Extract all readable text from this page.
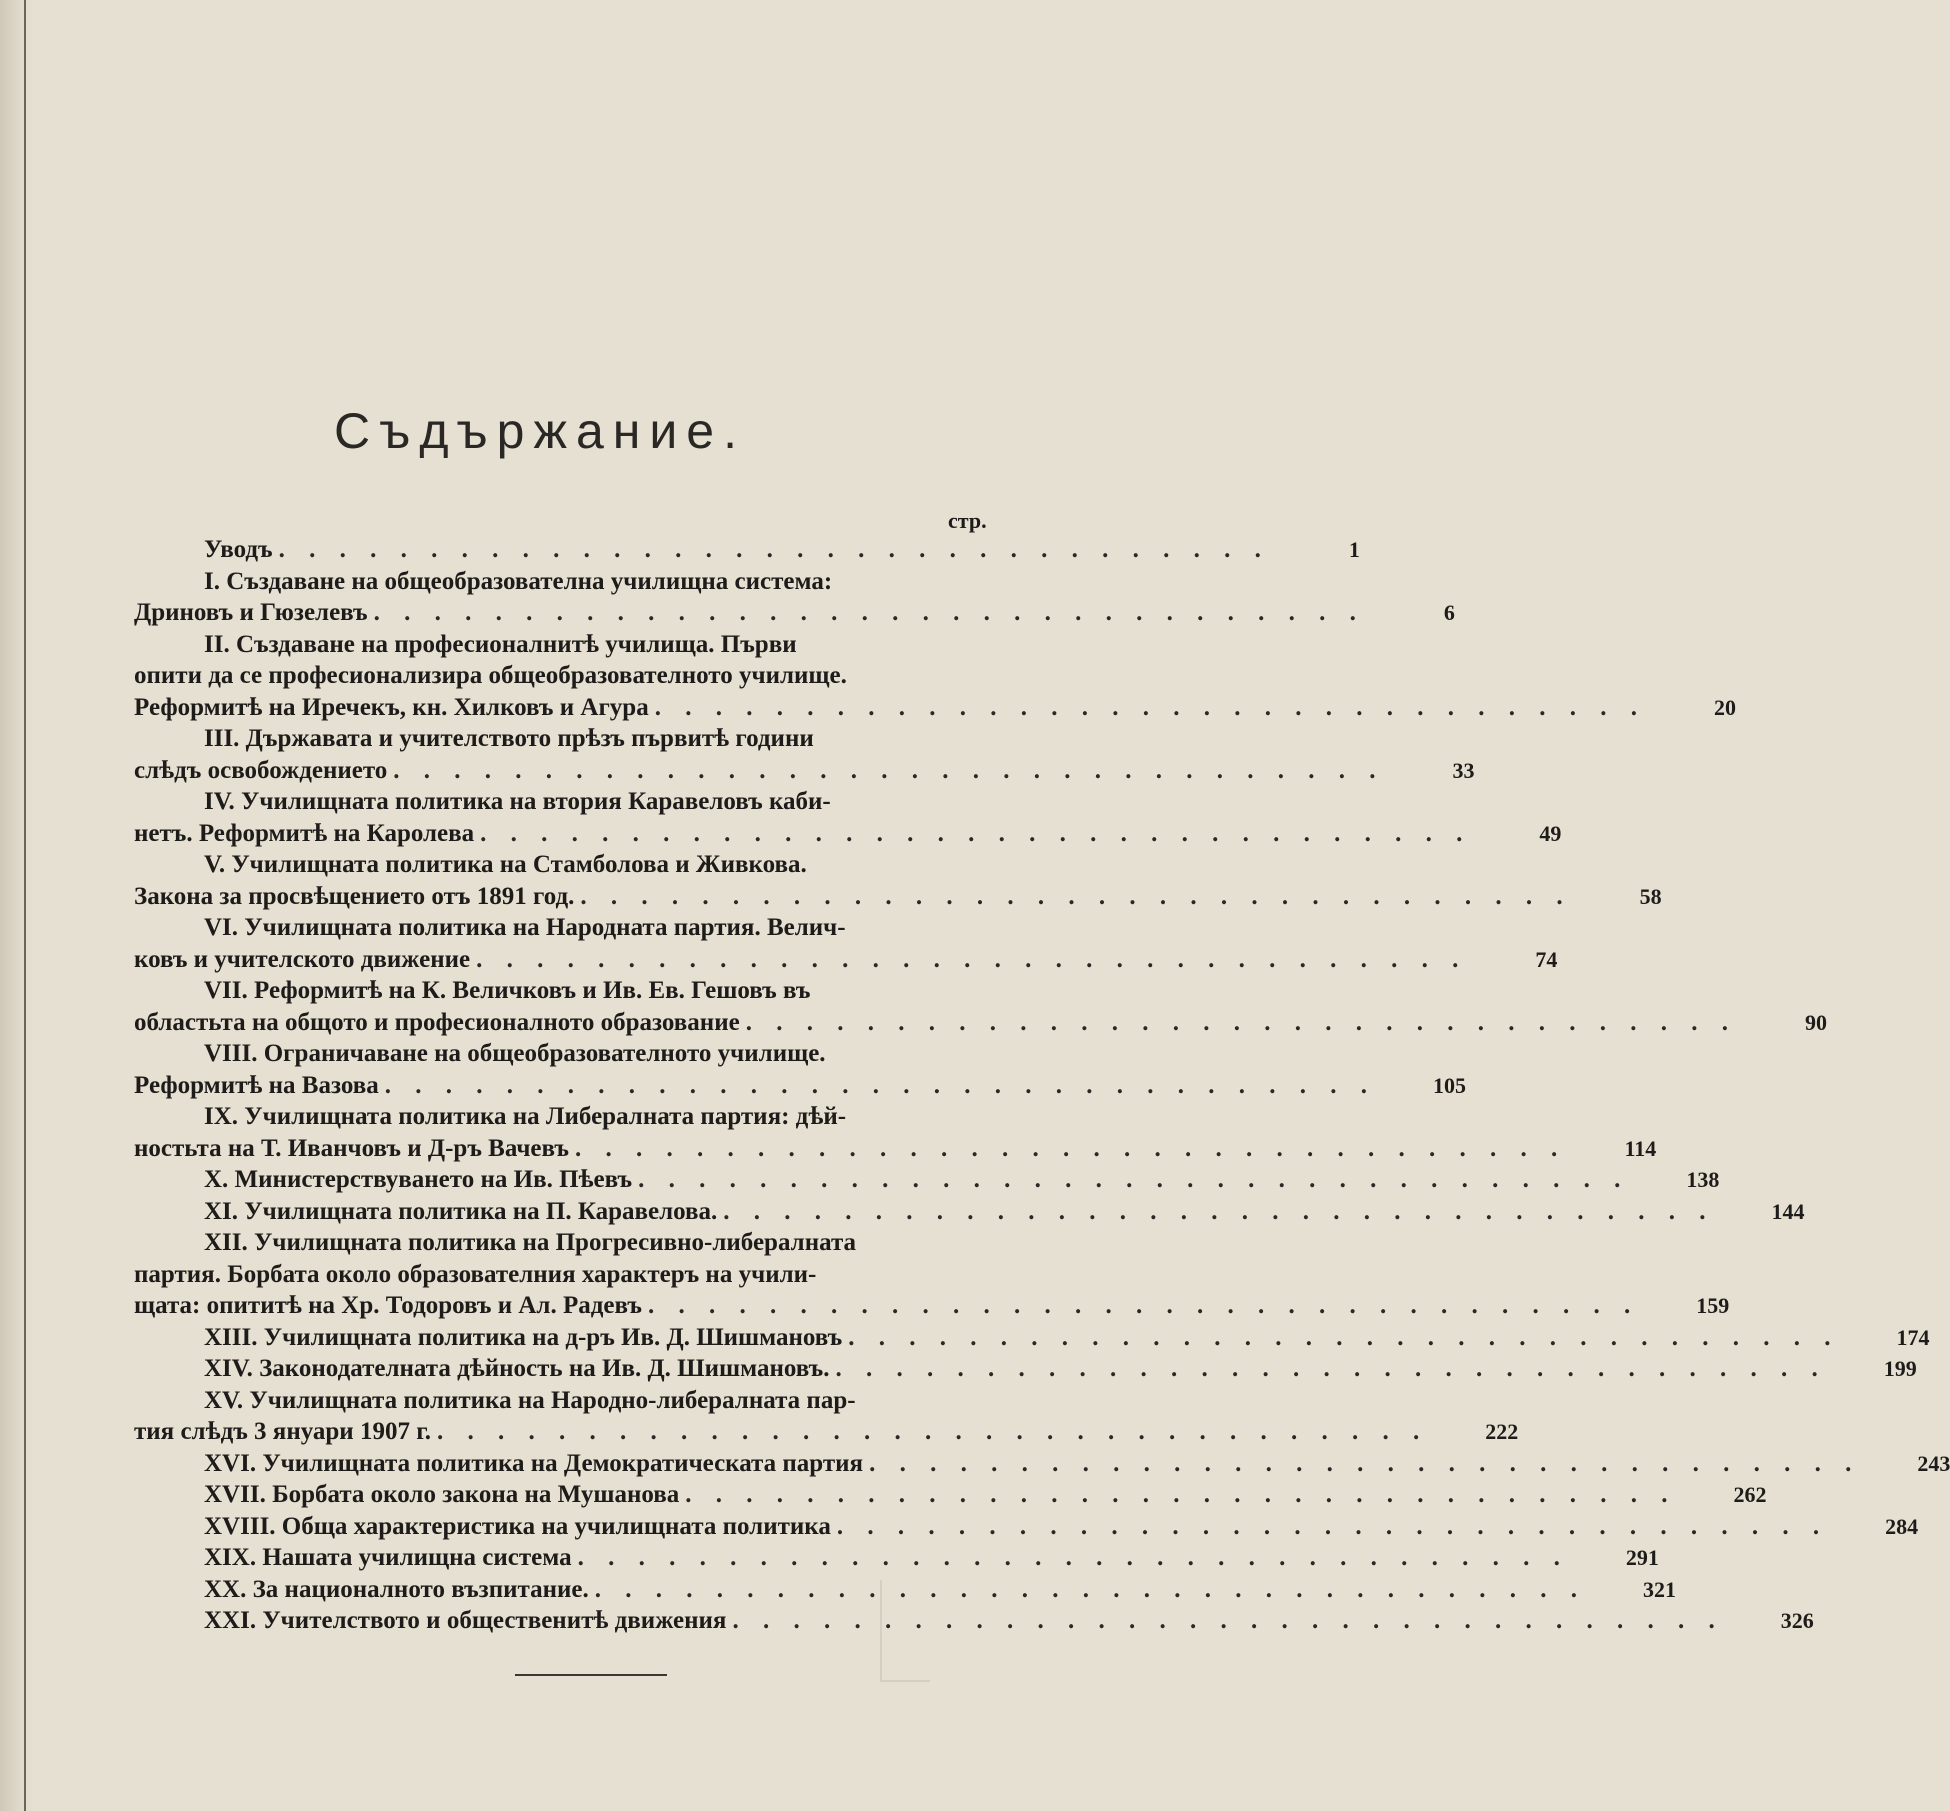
Съдържание.
стр.
Уводъ . . . . . . . . . . . . . . . . . . . . . . . . . . . . . . . . .	1
I. Създаване на общеобразователна училищна система:
Дриновъ и Гюзелевъ . . . . . . . . . . . . . . . . . . . . . . . . . . . . . . . . .	6
II. Създаване на професионалнитѣ училища. Първи
опити да се професионализира общеобразователното училище.
Реформитѣ на Иречекъ, кн. Хилковъ и Агура . . . . . . . . . . . . . . . . . . . . . . . . . . . . . . . . .	20
III. Държавата и учителството прѣзъ първитѣ години
слѣдъ освобождението . . . . . . . . . . . . . . . . . . . . . . . . . . . . . . . . .	33
IV. Училищната политика на втория Каравеловъ каби-
нетъ. Реформитѣ на Каролева . . . . . . . . . . . . . . . . . . . . . . . . . . . . . . . . .	49
V. Училищната политика на Стамболова и Живкова.
Закона за просвѣщението отъ 1891 год. . . . . . . . . . . . . . . . . . . . . . . . . . . . . . . . . .	58
VI. Училищната политика на Народната партия. Велич-
ковъ и учителското движение . . . . . . . . . . . . . . . . . . . . . . . . . . . . . . . . .	74
VII. Реформитѣ на К. Величковъ и Ив. Ев. Гешовъ въ
областьта на общото и професионалното образование . . . . . . . . . . . . . . . . . . . . . . . . . . . . . . . . .	90
VIII. Ограничаване на общеобразователното училище.
Реформитѣ на Вазова . . . . . . . . . . . . . . . . . . . . . . . . . . . . . . . . .	105
IX. Училищната политика на Либералната партия: дѣй-
ностьта на Т. Иванчовъ и Д-ръ Вачевъ . . . . . . . . . . . . . . . . . . . . . . . . . . . . . . . . .	114
X. Министерствуването на Ив. Пѣевъ . . . . . . . . . . . . . . . . . . . . . . . . . . . . . . . . .	138
XI. Училищната политика на П. Каравелова. . . . . . . . . . . . . . . . . . . . . . . . . . . . . . . . . .	144
XII. Училищната политика на Прогресивно-либералната
партия. Борбата около образователния характеръ на учили-
щата: опититѣ на Хр. Тодоровъ и Ал. Радевъ . . . . . . . . . . . . . . . . . . . . . . . . . . . . . . . . .	159
XIII. Училищната политика на д-ръ Ив. Д. Шишмановъ . . . . . . . . . . . . . . . . . . . . . . . . . . . . . . . . .	174
XIV. Законодателната дѣйность на Ив. Д. Шишмановъ. . . . . . . . . . . . . . . . . . . . . . . . . . . . . . . . . .	199
XV. Училищната политика на Народно-либералната пар-
тия слѣдъ 3 януари 1907 г. . . . . . . . . . . . . . . . . . . . . . . . . . . . . . . . . .	222
XVI. Училищната политика на Демократическата партия . . . . . . . . . . . . . . . . . . . . . . . . . . . . . . . . .	243
XVII. Борбата около закона на Мушанова . . . . . . . . . . . . . . . . . . . . . . . . . . . . . . . . .	262
XVIII. Обща характеристика на училищната политика . . . . . . . . . . . . . . . . . . . . . . . . . . . . . . . . .	284
XIX. Нашата училищна система . . . . . . . . . . . . . . . . . . . . . . . . . . . . . . . . .	291
XX. За националното възпитание. . . . . . . . . . . . . . . . . . . . . . . . . . . . . . . . . .	321
XXI. Учителството и общественитѣ движения . . . . . . . . . . . . . . . . . . . . . . . . . . . . . . . . .	326
